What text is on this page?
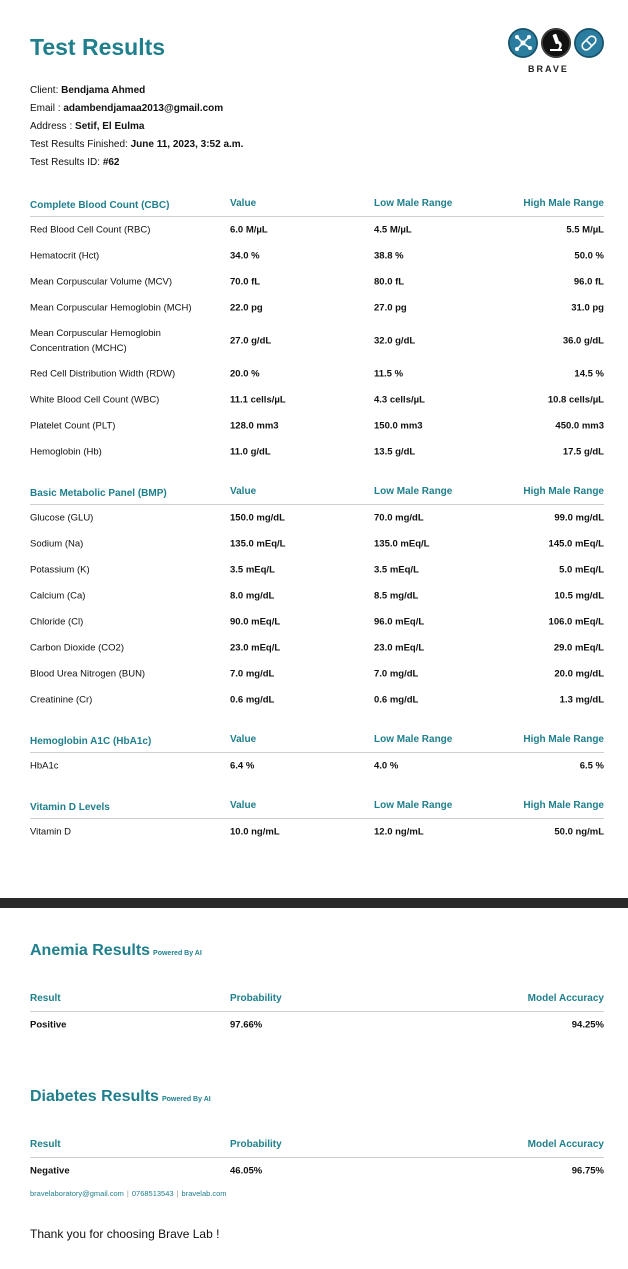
Test Results
BRAVE
Client: Bendjama Ahmed
Email : adambendjamaa2013@gmail.com
Address : Setif, El Eulma
Test Results Finished: June 11, 2023, 3:52 a.m.
Test Results ID: #62
Complete Blood Count (CBC)	Value	Low Male Range	High Male Range
Red Blood Cell Count (RBC)	6.0 M/µL	4.5 M/µL	5.5 M/µL
Hematocrit (Hct)	34.0 %	38.8 %	50.0 %
Mean Corpuscular Volume (MCV)	70.0 fL	80.0 fL	96.0 fL
Mean Corpuscular Hemoglobin (MCH)	22.0 pg	27.0 pg	31.0 pg
Mean Corpuscular Hemoglobin Concentration (MCHC)
27.0 g/dL	32.0 g/dL	36.0 g/dL
Red Cell Distribution Width (RDW)	20.0 %	11.5 %	14.5 %
White Blood Cell Count (WBC)	11.1 cells/µL	4.3 cells/µL	10.8 cells/µL
Platelet Count (PLT)	128.0 mm3	150.0 mm3	450.0 mm3
Hemoglobin (Hb)	11.0 g/dL	13.5 g/dL	17.5 g/dL
Basic Metabolic Panel (BMP)	Value	Low Male Range	High Male Range
Glucose (GLU)	150.0 mg/dL	70.0 mg/dL	99.0 mg/dL
Sodium (Na)	135.0 mEq/L	135.0 mEq/L	145.0 mEq/L
Potassium (K)	3.5 mEq/L	3.5 mEq/L	5.0 mEq/L
Calcium (Ca)	8.0 mg/dL	8.5 mg/dL	10.5 mg/dL
Chloride (Cl)	90.0 mEq/L	96.0 mEq/L	106.0 mEq/L
Carbon Dioxide (CO2)	23.0 mEq/L	23.0 mEq/L	29.0 mEq/L
Blood Urea Nitrogen (BUN)	7.0 mg/dL	7.0 mg/dL	20.0 mg/dL
Creatinine (Cr)	0.6 mg/dL	0.6 mg/dL	1.3 mg/dL
Hemoglobin A1C (HbA1c)	Value	Low Male Range	High Male Range
HbA1c	6.4 %	4.0 %	6.5 %
Vitamin D Levels	Value	Low Male Range	High Male Range
Vitamin D	10.0 ng/mL	12.0 ng/mL	50.0 ng/mL
Anemia Results Powered By AI
Result	Probability	Model Accuracy
Positive	97.66%	94.25%
Diabetes Results Powered By AI
Result	Probability	Model Accuracy
Negative	46.05%	96.75%
bravelaboratory@gmail.com | 0768513543 | bravelab.com
Thank you for choosing Brave Lab !
